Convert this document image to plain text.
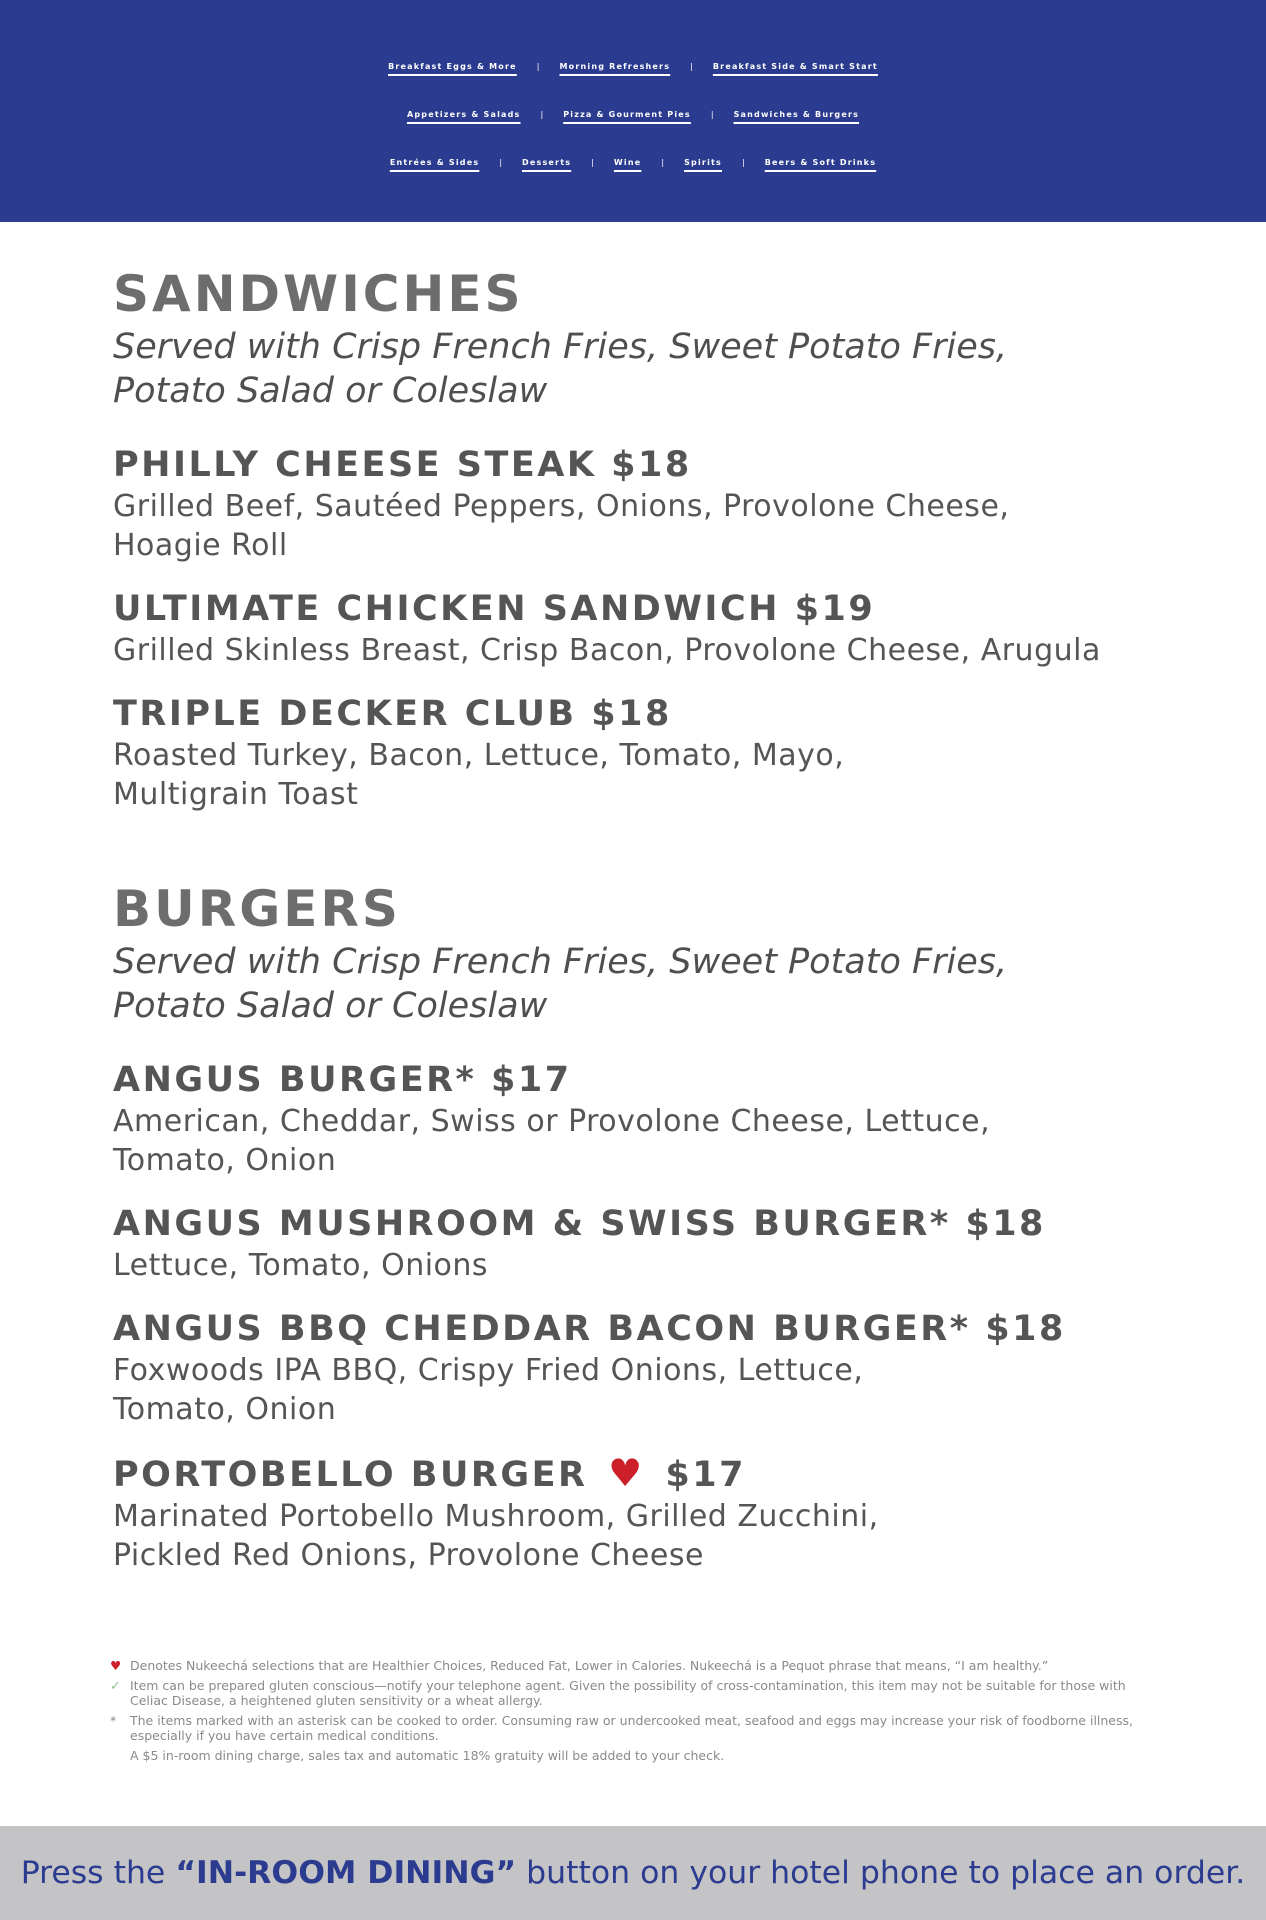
Breakfast Eggs & More	|	Morning Refreshers	|	Breakfast Side & Smart Start
Appetizers & Salads	|	Pizza & Gourment Pies	|	Sandwiches & Burgers
Entrées & Sides	|	Desserts	|	Wine	|	Spirits	|	Beers & Soft Drinks
SANDWICHES
Served with Crisp French Fries, Sweet Potato Fries,
Potato Salad or Coleslaw
PHILLY CHEESE STEAK $18
Grilled Beef, Sautéed Peppers, Onions, Provolone Cheese,
Hoagie Roll
ULTIMATE CHICKEN SANDWICH $19
Grilled Skinless Breast, Crisp Bacon, Provolone Cheese, Arugula
TRIPLE DECKER CLUB $18
Roasted Turkey, Bacon, Lettuce, Tomato, Mayo,
Multigrain Toast
BURGERS
Served with Crisp French Fries, Sweet Potato Fries,
Potato Salad or Coleslaw
ANGUS BURGER* $17
American, Cheddar, Swiss or Provolone Cheese, Lettuce,
Tomato, Onion
ANGUS MUSHROOM & SWISS BURGER* $18
Lettuce, Tomato, Onions
ANGUS BBQ CHEDDAR BACON BURGER* $18
Foxwoods IPA BBQ, Crispy Fried Onions, Lettuce,
Tomato, Onion
PORTOBELLO BURGER ♥ $17
Marinated Portobello Mushroom, Grilled Zucchini,
Pickled Red Onions, Provolone Cheese
♥ Denotes Nukeechá selections that are Healthier Choices, Reduced Fat, Lower in Calories. Nukeechá is a Pequot phrase that means, “I am healthy.”
✓ Item can be prepared gluten conscious—notify your telephone agent. Given the possibility of cross-contamination, this item may not be suitable for those with Celiac Disease, a heightened gluten sensitivity or a wheat allergy.
*	The items marked with an asterisk can be cooked to order. Consuming raw or undercooked meat, seafood and eggs may increase your risk of foodborne illness, especially if you have certain medical conditions.
A $5 in-room dining charge, sales tax and automatic 18% gratuity will be added to your check.
Press the “IN-ROOM DINING” button on your hotel phone to place an order.
